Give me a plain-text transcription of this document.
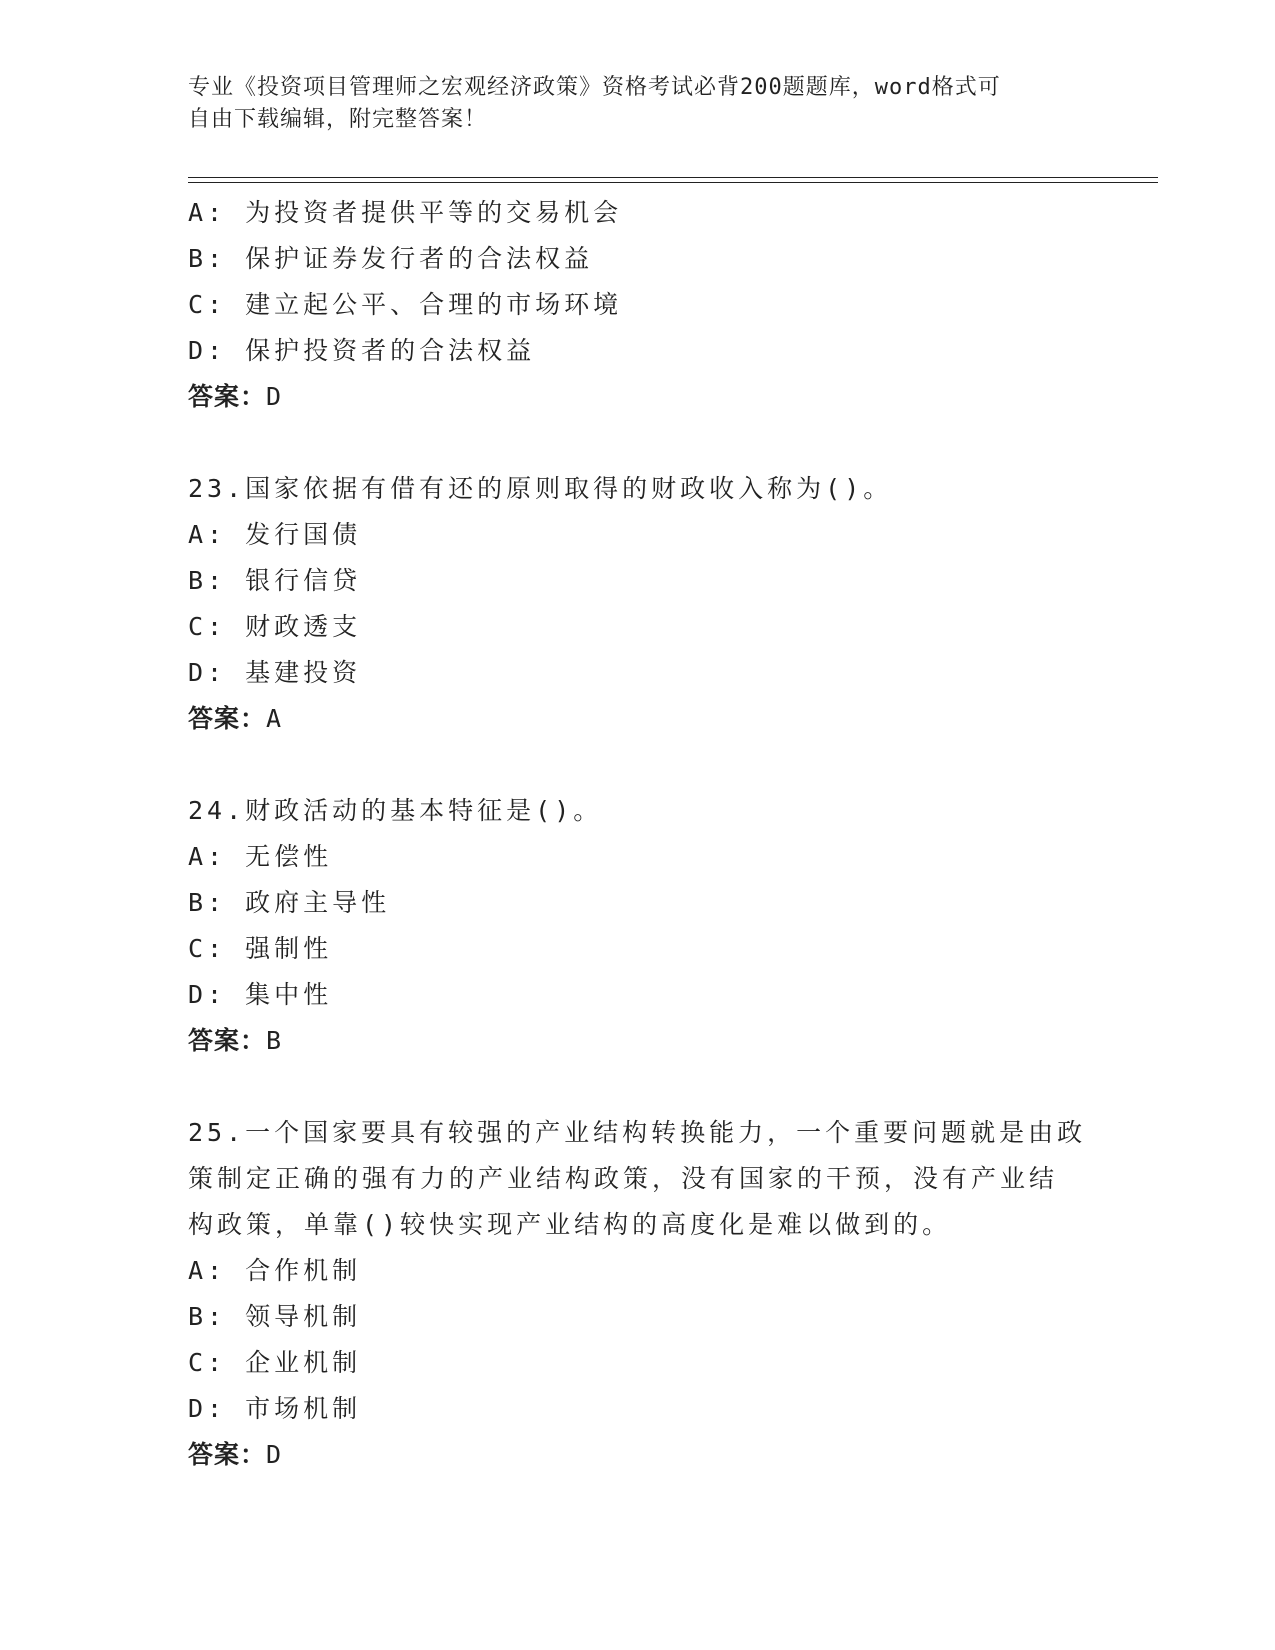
专业《投资项目管理师之宏观经济政策》资格考试必背200题题库，word格式可
自由下载编辑，附完整答案！
A: 为投资者提供平等的交易机会
B: 保护证券发行者的合法权益
C: 建立起公平、合理的市场环境
D: 保护投资者的合法权益
答案：D
23.国家依据有借有还的原则取得的财政收入称为()。
A: 发行国债
B: 银行信贷
C: 财政透支
D: 基建投资
答案：A
24.财政活动的基本特征是()。
A: 无偿性
B: 政府主导性
C: 强制性
D: 集中性
答案：B
25.一个国家要具有较强的产业结构转换能力，一个重要问题就是由政
策制定正确的强有力的产业结构政策，没有国家的干预，没有产业结
构政策，单靠()较快实现产业结构的高度化是难以做到的。
A: 合作机制
B: 领导机制
C: 企业机制
D: 市场机制
答案：D
